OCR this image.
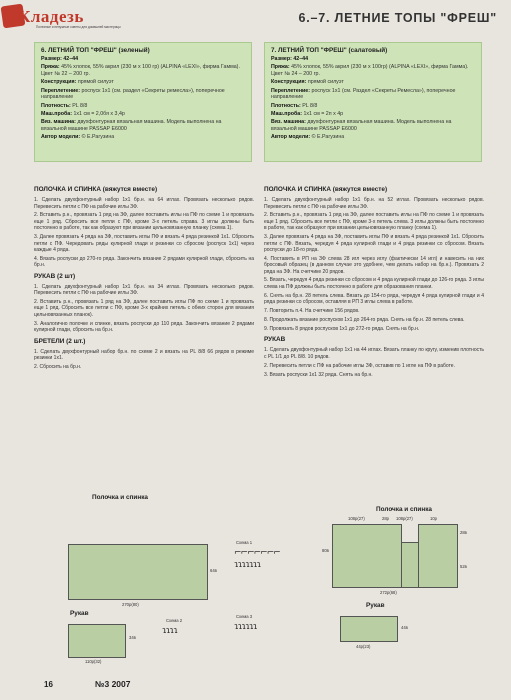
Кладезь
Полезные и ненужные советы для домашней мастерицы
6.–7. ЛЕТНИЕ ТОПЫ "ФРЕШ"
6. ЛЕТНИЙ ТОП "ФРЕШ" (зеленый)
Размер: 42–44
Пряжа: 45% хлопок, 55% акрил (230 м х 100 гр) (ALPINA «LEXI», фирма Гамма). Цвет № 22 – 200 гр.
Конструкция: прямой силуэт
Переплетение: роспуск 1х1 (см. раздел «Секреты ремесла»), поперечное направление
Плотность: PL 8/8
Маш.проба: 1х1 см = 2,0бя х 3,4р
Вяз. машина: двухфонтурная вязальная машина. Модель выполнена на вязальной машине PASSAP E6000
Автор модели: © Е.Рагузина
7. ЛЕТНИЙ ТОП "ФРЕШ" (салатовый)
Размер: 42–44
Пряжа: 45% хлопок, 55% акрил (230 м х 100гр) (ALPINA «LEXI», фирма Гамма). Цвет № 24 – 200 гр.
Конструкция: прямой силуэт
Переплетение: роспуск 1х1 (см. Раздел «Секреты Ремесла»), поперечное направление
Плотность: PL 8/8
Маш.проба: 1х1 см = 2п х 4р
Вяз. машина: двухфонтурная вязальная машина. Модель выполнена на вязальной машине PASSAP E6000
Автор модели: © Е.Рагузина
ПОЛОЧКА И СПИНКА (вяжутся вместе)
1. Сделать двухфонтурный набор 1х1 бр.н. на 64 иглах. Провязать несколько рядов. Перевесить петли с ПФ на рабочие иглы ЗФ.
2. Вставить р.н., провязать 1 ряд на ЗФ, далее поставить иглы на ПФ по схеме 1 и провязать еще 1 ряд. Сбросить все петли с ПФ, кроме 3-х петель справа. 3 иглы должны быть постоянно в работе, так как образуют при вязании цельновязанную планку (схема 1).
3. Далее провязать 4 ряда на ЗФ, поставить иглы ПФ и вязать 4 ряда резинкой 1х1. Сбросить петли с ПФ. Чередовать ряды кулирной глади и резинки со сбросом (роспуск 1х1) через каждые 4 ряда.
4. Вязать роспуски до 270-го ряда. Закончить вязание 2 рядами кулирной глади, сбросить на бр.н.
РУКАВ (2 шт)
1. Сделать двухфонтурный набор 1х1 бр.н. на 34 иглах. Провязать несколько рядов. Перевесить петли с ПФ на рабочие иглы ЗФ.
2. Вставить р.н., провязать 1 ряд на ЗФ, далее поставить иглы ПФ по схеме 1 и провязать еще 1 ряд. Сбросить все петли с ПФ, кроме 3-х крайних петель с обеих сторон для вязания цельновязанных планок).
3. Аналогично полочке и спинке, вязать роспуски до 110 ряда. Закончить вязание 2 рядами кулирной глади, сбросить на бр.н.
БРЕТЕЛИ (2 шт.)
1. Сделать двухфонтурный набор бр.н. по схеме 2 и вязать на PL 8/8 66 рядов в режиме резинки 1х1.
2. Сбросить на бр.н.
ПОЛОЧКА И СПИНКА (вяжутся вместе)
1. Сделать двухфонтурный набор 1х1 бр.н. на 52 иглах. Провязать несколько рядов. Перевесить петли с ПФ на рабочие иглы ЗФ.
2. Вставить р.н., провязать 1 ряд на ЗФ, далее поставить иглы на ПФ по схеме 1 и провязать еще 1 ряд. Сбросить все петли с ПФ, кроме 3-х петель слева. 3 иглы должны быть постоянно в работе, так как образуют при вязании цельновязанную планку (схема 1).
3. Далее провязать 4 ряда на ЗФ, поставить иглы ПФ и вязать 4 ряда резинкой 1х1. Сбросить петли с ПФ. Вязать, чередуя 4 ряда кулирной глади и 4 ряда резинки со сбросом. Вязать роспуски до 18-го ряда.
4. Поставить в РП на ЗФ слева 28 игл через иглу (фактически 14 игл) и навесить на них бросовый образец (в данном случае это удобнее, чем делать набор на бр.н.). Провязать 2 ряда на ЗФ. На счетчике 20 рядов.
5. Вязать, чередуя 4 ряда резинки со сбросом и 4 ряда кулирной глади до 126-го ряда. 3 иглы слева на ПФ должны быть постоянно в работе для образования планки.
6. Снять на бр.н. 28 петель слева. Вязать до 154-го ряда, чередуя 4 ряда кулирной глади и 4 ряда резинки со сбросом, оставляя в РП 3 иглы слева в работе.
7. Повторить п.4. На счетчике 156 рядов.
8. Продолжать вязание роспусков 1х1 до 264-го ряда. Снять на бр.н. 28 петель слева.
9. Провязать 8 рядов роспусков 1х1 до 272-го ряда. Снять на бр.н.
РУКАВ
1. Сделать двухфонтурный набор 1х1 на 44 иглах. Вязать планку по кругу, изменив плотность с PL 1/1 до PL 8/8. 10 рядов.
2. Перевесить петли с ПФ на рабочие иглы ЗФ, оставив по 1 игле на ПФ в работе.
3. Вязать роспуски 1х1 32 ряда. Снять на бр.н.
Полочка и спинка
64в
270р(80)
Рукав
34в
110р(32)
Схема 1
⌐⌐⌐⌐⌐⌐⌐
ɿɿɿɿɿɿɿ
Схема 2
ɿɿɿɿ
Схема 3
ɿɿɿɿɿɿ
Полочка и спинка
108р(27)	28р 108р(27)	10р
80в
28в
52в
272р(68)
Рукав
44в
44р(23)
16	№3 2007
